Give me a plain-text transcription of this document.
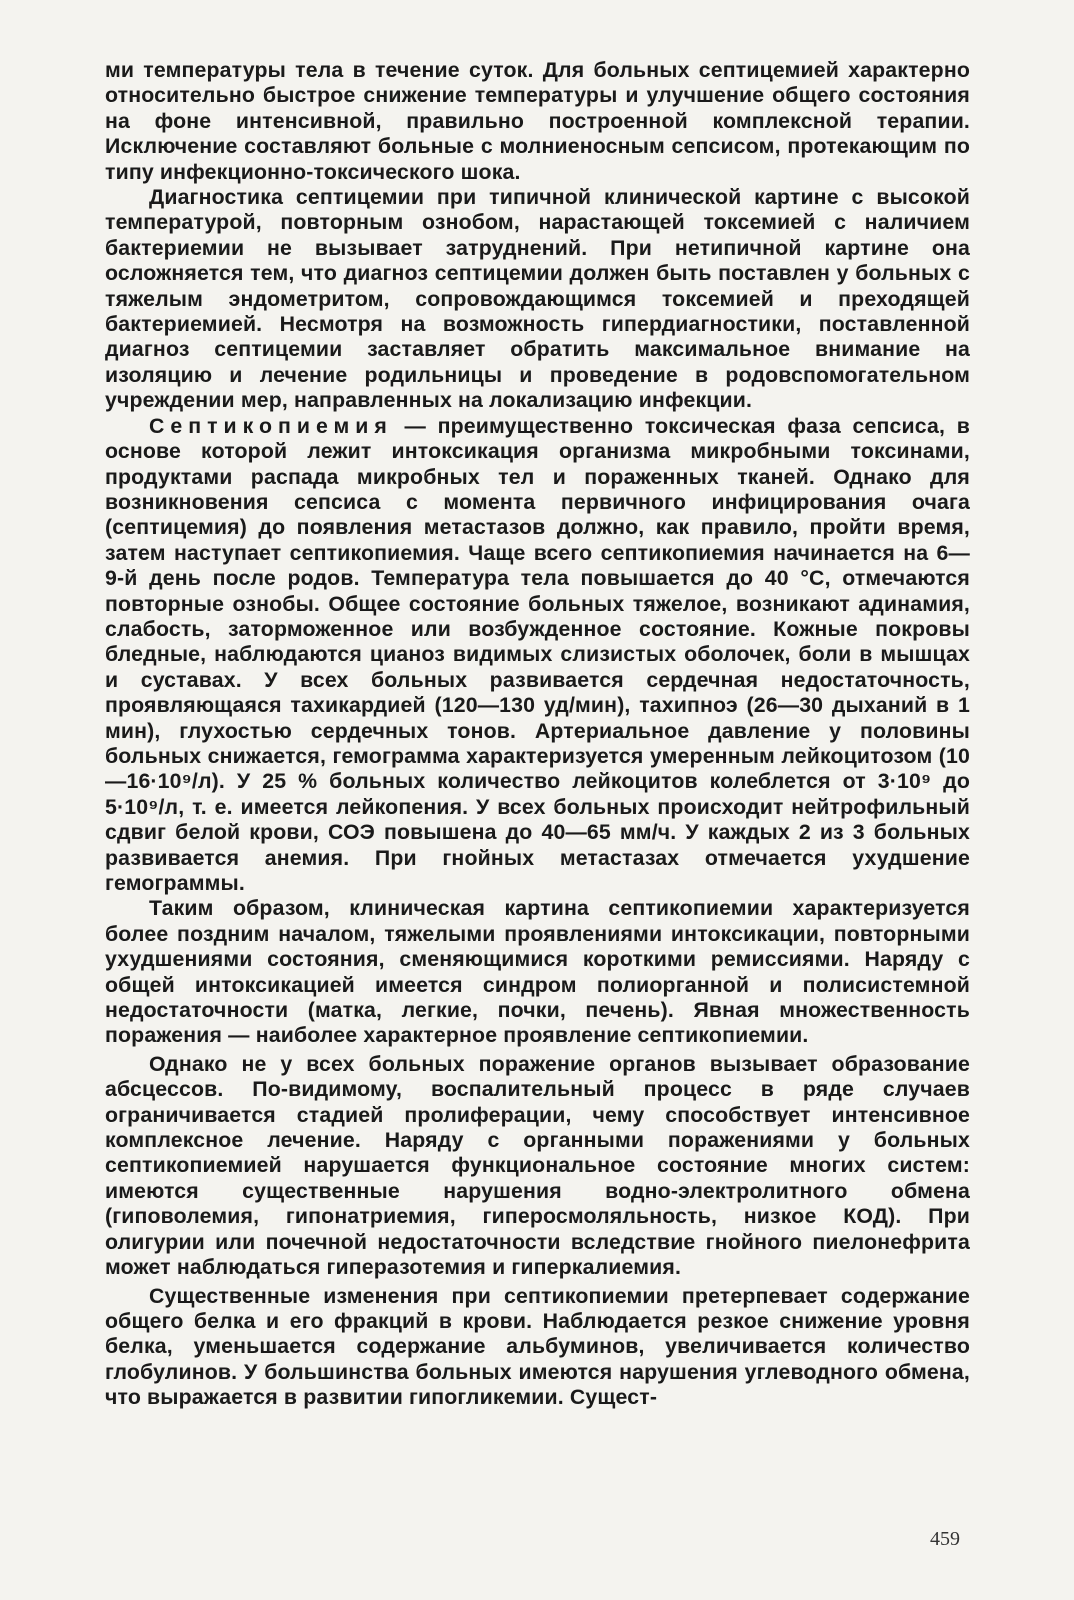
ми температуры тела в течение суток. Для больных септицемией характерно относительно быстрое снижение температуры и улучшение общего состояния на фоне интенсивной, правильно построенной комплексной терапии. Исключение составляют больные с молниеносным сепсисом, протекающим по типу инфекционно-токсического шока.

Диагностика септицемии при типичной клинической картине с высокой температурой, повторным ознобом, нарастающей токсемией с наличием бактериемии не вызывает затруднений. При нетипичной картине она осложняется тем, что диагноз септицемии должен быть поставлен у больных с тяжелым эндометритом, сопровождающимся токсемией и преходящей бактериемией. Несмотря на возможность гипердиагностики, поставленной диагноз септицемии заставляет обратить максимальное внимание на изоляцию и лечение родильницы и проведение в родовспомогательном учреждении мер, направленных на локализацию инфекции.

Септикопиемия — преимущественно токсическая фаза сепсиса, в основе которой лежит интоксикация организма микробными токсинами, продуктами распада микробных тел и пораженных тканей. Однако для возникновения сепсиса с момента первичного инфицирования очага (септицемия) до появления метастазов должно, как правило, пройти время, затем наступает септикопиемия. Чаще всего септикопиемия начинается на 6—9-й день после родов. Температура тела повышается до 40 °C, отмечаются повторные ознобы. Общее состояние больных тяжелое, возникают адинамия, слабость, заторможенное или возбужденное состояние. Кожные покровы бледные, наблюдаются цианоз видимых слизистых оболочек, боли в мышцах и суставах. У всех больных развивается сердечная недостаточность, проявляющаяся тахикардией (120—130 уд/мин), тахипноэ (26—30 дыханий в 1 мин), глухостью сердечных тонов. Артериальное давление у половины больных снижается, гемограмма характеризуется умеренным лейкоцитозом (10—16·10⁹/л). У 25 % больных количество лейкоцитов колеблется от 3·10⁹ до 5·10⁹/л, т. е. имеется лейкопения. У всех больных происходит нейтрофильный сдвиг белой крови, СОЭ повышена до 40—65 мм/ч. У каждых 2 из 3 больных развивается анемия. При гнойных метастазах отмечается ухудшение гемограммы.

Таким образом, клиническая картина септикопиемии характеризуется более поздним началом, тяжелыми проявлениями интоксикации, повторными ухудшениями состояния, сменяющимися короткими ремиссиями. Наряду с общей интоксикацией имеется синдром полиорганной и полисистемной недостаточности (матка, легкие, почки, печень). Явная множественность поражения — наиболее характерное проявление септикопиемии.

Однако не у всех больных поражение органов вызывает образование абсцессов. По-видимому, воспалительный процесс в ряде случаев ограничивается стадией пролиферации, чему способствует интенсивное комплексное лечение. Наряду с органными поражениями у больных септикопиемией нарушается функциональное состояние многих систем: имеются существенные нарушения водно-электролитного обмена (гиповолемия, гипонатриемия, гиперосмоляльность, низкое КОД). При олигурии или почечной недостаточности вследствие гнойного пиелонефрита может наблюдаться гиперазотемия и гиперкалиемия.

Существенные изменения при септикопиемии претерпевает содержание общего белка и его фракций в крови. Наблюдается резкое снижение уровня белка, уменьшается содержание альбуминов, увеличивается количество глобулинов. У большинства больных имеются нарушения углеводного обмена, что выражается в развитии гипогликемии. Сущест-

459
